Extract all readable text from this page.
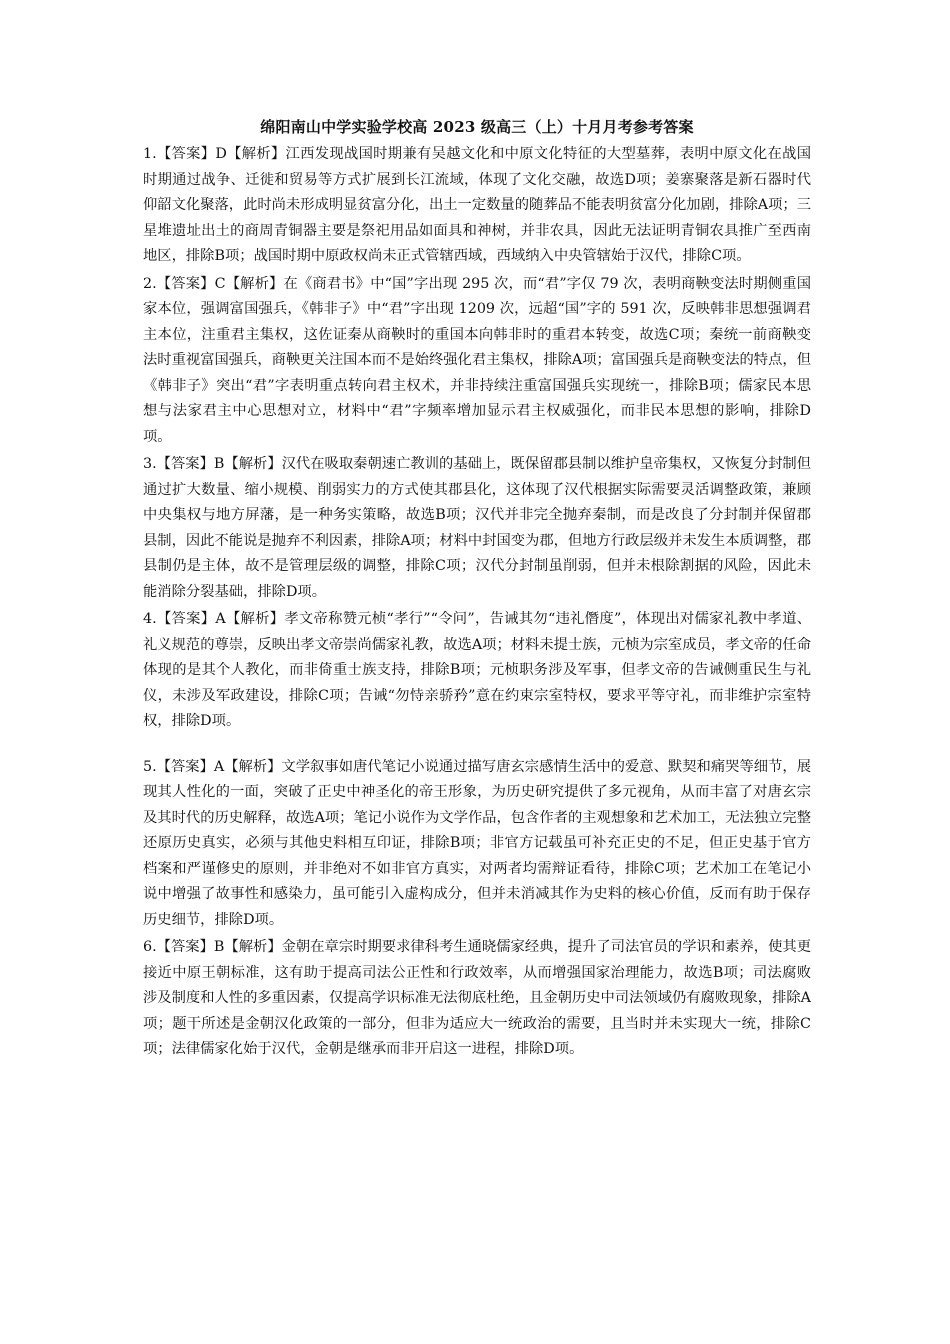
绵阳南山中学实验学校高 2023 级高三（上）十月月考参考答案

1.【答案】D【解析】江西发现战国时期兼有吴越文化和中原文化特征的大型墓葬，表明中原文化在战国时期通过战争、迁徙和贸易等方式扩展到长江流域，体现了文化交融，故选D项；姜寨聚落是新石器时代仰韶文化聚落，此时尚未形成明显贫富分化，出土一定数量的随葬品不能表明贫富分化加剧，排除A项；三星堆遗址出土的商周青铜器主要是祭祀用品如面具和神树，并非农具，因此无法证明青铜农具推广至西南地区，排除B项；战国时期中原政权尚未正式管辖西域，西域纳入中央管辖始于汉代，排除C项。

2.【答案】C【解析】在《商君书》中“国”字出现 295 次，而“君”字仅 79 次，表明商鞅变法时期侧重国家本位，强调富国强兵，《韩非子》中“君”字出现 1209 次，远超“国”字的 591 次，反映韩非思想强调君主本位，注重君主集权，这佐证秦从商鞅时的重国本向韩非时的重君本转变，故选C项；秦统一前商鞅变法时重视富国强兵，商鞅更关注国本而不是始终强化君主集权，排除A项；富国强兵是商鞅变法的特点，但《韩非子》突出“君”字表明重点转向君主权术，并非持续注重富国强兵实现统一，排除B项；儒家民本思想与法家君主中心思想对立，材料中“君”字频率增加显示君主权威强化，而非民本思想的影响，排除D项。

3.【答案】B【解析】汉代在吸取秦朝速亡教训的基础上，既保留郡县制以维护皇帝集权，又恢复分封制但通过扩大数量、缩小规模、削弱实力的方式使其郡县化，这体现了汉代根据实际需要灵活调整政策，兼顾中央集权与地方屏藩，是一种务实策略，故选B项；汉代并非完全抛弃秦制，而是改良了分封制并保留郡县制，因此不能说是抛弃不利因素，排除A项；材料中封国变为郡，但地方行政层级并未发生本质调整，郡县制仍是主体，故不是管理层级的调整，排除C项；汉代分封制虽削弱，但并未根除割据的风险，因此未能消除分裂基础，排除D项。

4.【答案】A【解析】孝文帝称赞元桢“孝行”“令问”，告诫其勿“违礼僭度”，体现出对儒家礼教中孝道、礼义规范的尊崇，反映出孝文帝崇尚儒家礼教，故选A项；材料未提士族，元桢为宗室成员，孝文帝的任命体现的是其个人教化，而非倚重士族支持，排除B项；元桢职务涉及军事，但孝文帝的告诫侧重民生与礼仪，未涉及军政建设，排除C项；告诫“勿恃亲骄矜”意在约束宗室特权，要求平等守礼，而非维护宗室特权，排除D项。

5.【答案】A【解析】文学叙事如唐代笔记小说通过描写唐玄宗感情生活中的爱意、默契和痛哭等细节，展现其人性化的一面，突破了正史中神圣化的帝王形象，为历史研究提供了多元视角，从而丰富了对唐玄宗及其时代的历史解释，故选A项；笔记小说作为文学作品，包含作者的主观想象和艺术加工，无法独立完整还原历史真实，必须与其他史料相互印证，排除B项；非官方记载虽可补充正史的不足，但正史基于官方档案和严谨修史的原则，并非绝对不如非官方真实，对两者均需辩证看待，排除C项；艺术加工在笔记小说中增强了故事性和感染力，虽可能引入虚构成分，但并未消减其作为史料的核心价值，反而有助于保存历史细节，排除D项。

6.【答案】B【解析】金朝在章宗时期要求律科考生通晓儒家经典，提升了司法官员的学识和素养，使其更接近中原王朝标准，这有助于提高司法公正性和行政效率，从而增强国家治理能力，故选B项；司法腐败涉及制度和人性的多重因素，仅提高学识标准无法彻底杜绝，且金朝历史中司法领域仍有腐败现象，排除A项；题干所述是金朝汉化政策的一部分，但非为适应大一统政治的需要，且当时并未实现大一统，排除C项；法律儒家化始于汉代，金朝是继承而非开启这一进程，排除D项。
